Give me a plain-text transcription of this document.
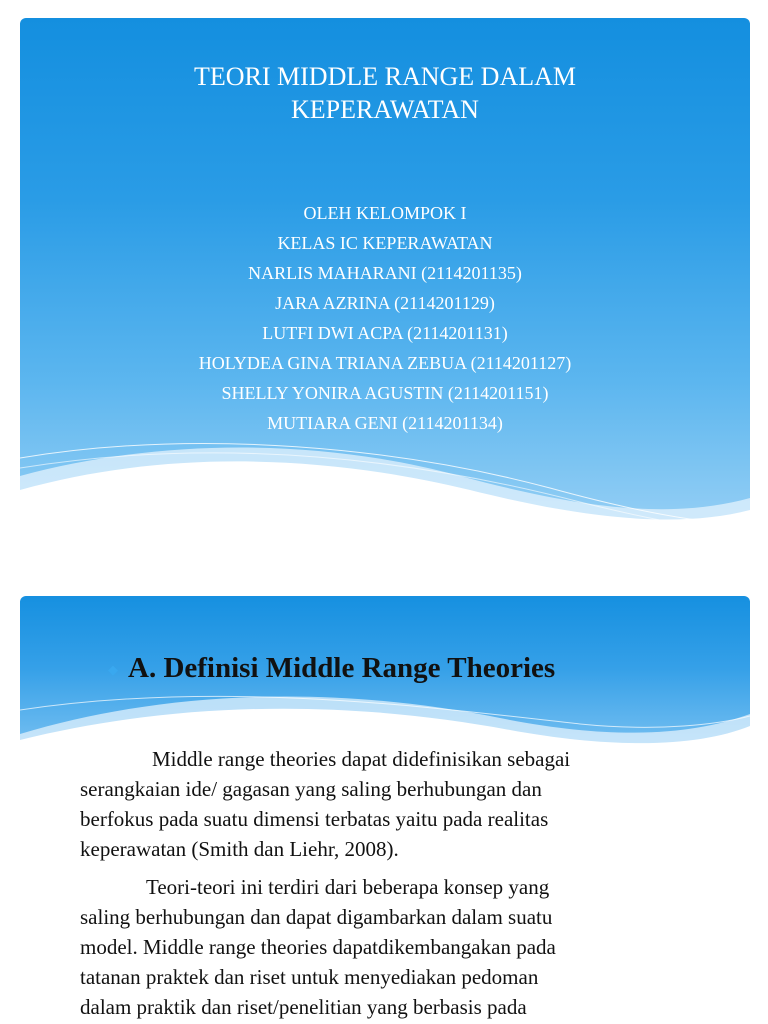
TEORI MIDDLE RANGE DALAM
KEPERAWATAN
OLEH KELOMPOK I
KELAS IC KEPERAWATAN
NARLIS MAHARANI (2114201135)
JARA AZRINA (2114201129)
LUTFI DWI ACPA (2114201131)
HOLYDEA GINA TRIANA ZEBUA (2114201127)
SHELLY YONIRA AGUSTIN (2114201151)
MUTIARA GENI (2114201134)
◆ A. Definisi Middle Range Theories

Middle range theories dapat didefinisikan sebagai
serangkaian ide/ gagasan yang saling berhubungan dan
berfokus pada suatu dimensi terbatas yaitu pada realitas
keperawatan (Smith dan Liehr, 2008).

Teori-teori ini terdiri dari beberapa konsep yang
saling berhubungan dan dapat digambarkan dalam suatu
model. Middle range theories dapatdikembangakan pada
tatanan praktek dan riset untuk menyediakan pedoman
dalam praktik dan riset/penelitian yang berbasis pada
